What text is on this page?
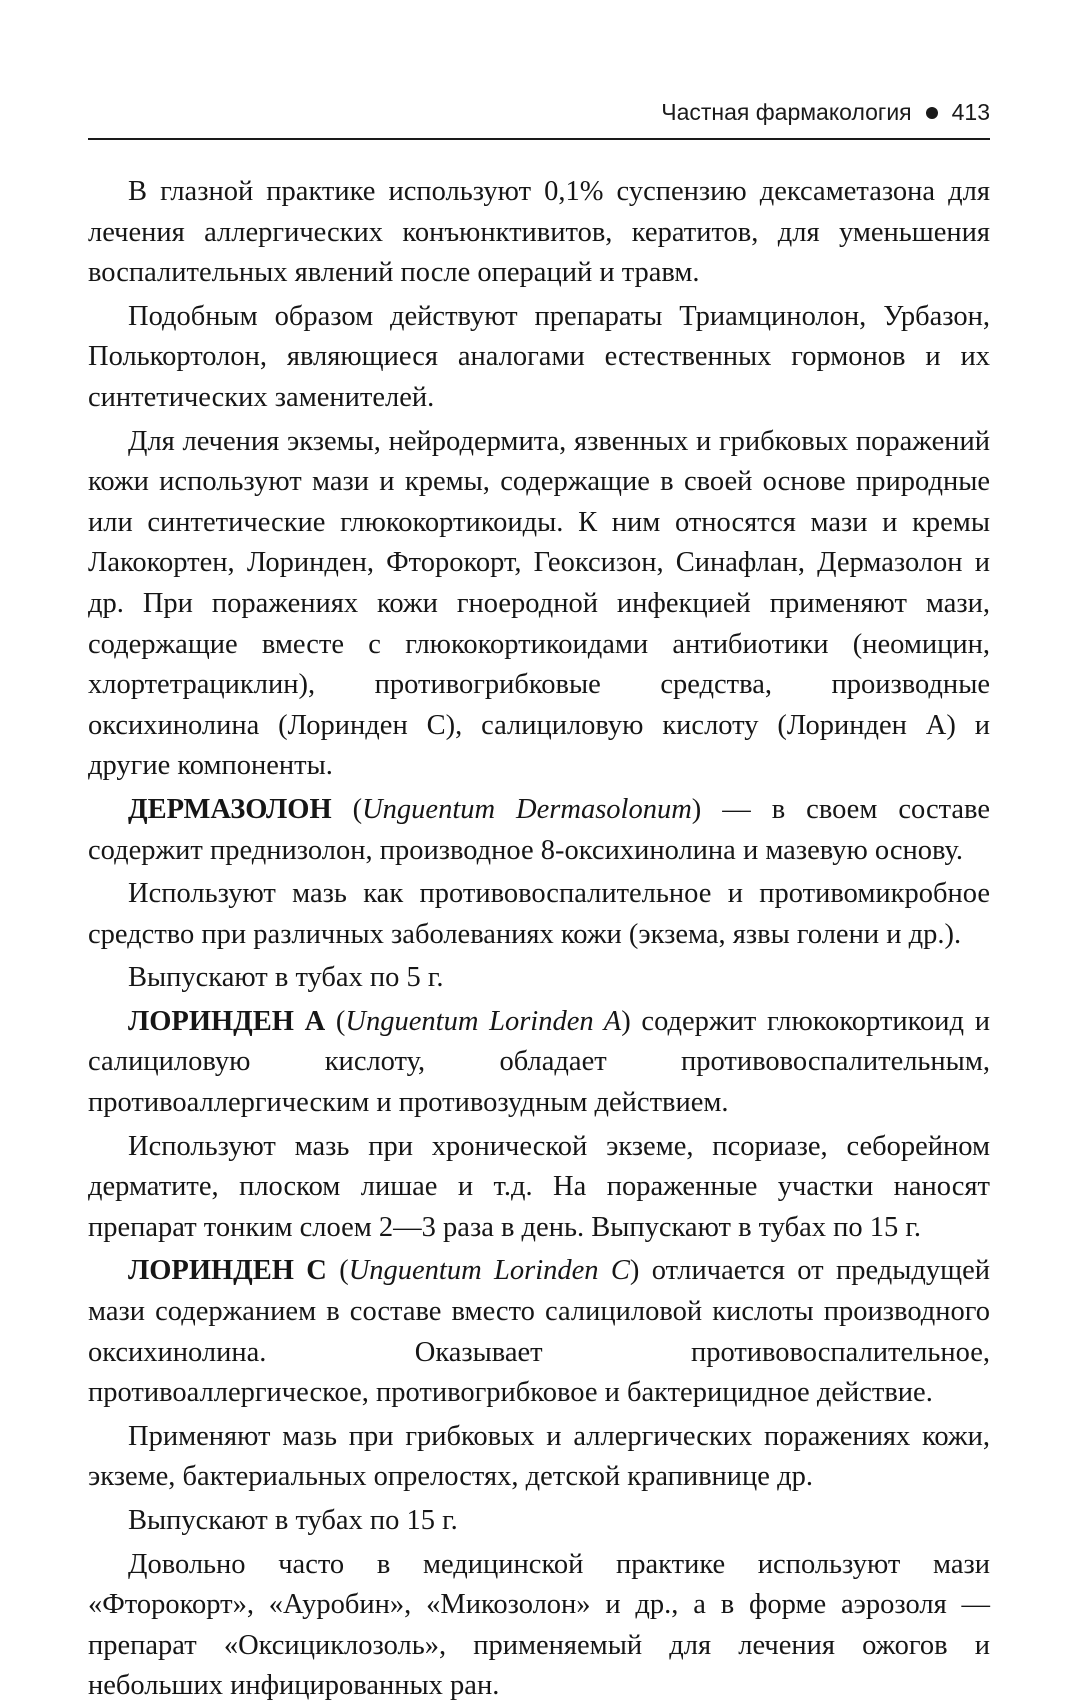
Частная фармакология 413

В глазной практике используют 0,1% суспензию дексаметазона для лечения аллергических конъюнктивитов, кератитов, для уменьшения воспалительных явлений после операций и травм.

Подобным образом действуют препараты Триамцинолон, Урбазон, Полькортолон, являющиеся аналогами естественных гормонов и их синтетических заменителей.

Для лечения экземы, нейродермита, язвенных и грибковых поражений кожи используют мази и кремы, содержащие в своей основе природные или синтетические глюкокортикоиды. К ним относятся мази и кремы Лакокортен, Лоринден, Фторокорт, Геоксизон, Синафлан, Дермазолон и др. При поражениях кожи гноеродной инфекцией применяют мази, содержащие вместе с глюкокортикоидами антибиотики (неомицин, хлортетрациклин), противогрибковые средства, производные оксихинолина (Лоринден С), салициловую кислоту (Лоринден А) и другие компоненты.

ДЕРМАЗОЛОН (Unguentum Dermasolonum) — в своем составе содержит преднизолон, производное 8-оксихинолина и мазевую основу.

Используют мазь как противовоспалительное и противомикробное средство при различных заболеваниях кожи (экзема, язвы голени и др.).

Выпускают в тубах по 5 г.

ЛОРИНДЕН А (Unguentum Lorinden A) содержит глюкокортикоид и салициловую кислоту, обладает противовоспалительным, противоаллергическим и противозудным действием.

Используют мазь при хронической экземе, псориазе, себорейном дерматите, плоском лишае и т.д. На пораженные участки наносят препарат тонким слоем 2—3 раза в день. Выпускают в тубах по 15 г.

ЛОРИНДЕН С (Unguentum Lorinden C) отличается от предыдущей мази содержанием в составе вместо салициловой кислоты производного оксихинолина. Оказывает противовоспалительное, противоаллергическое, противогрибковое и бактерицидное действие.

Применяют мазь при грибковых и аллергических поражениях кожи, экземе, бактериальных опрелостях, детской крапивнице др.

Выпускают в тубах по 15 г.

Довольно часто в медицинской практике используют мази «Фторокорт», «Ауробин», «Микозолон» и др., а в форме аэрозоля — препарат «Оксициклозоль», применяемый для лечения ожогов и небольших инфицированных ран.
